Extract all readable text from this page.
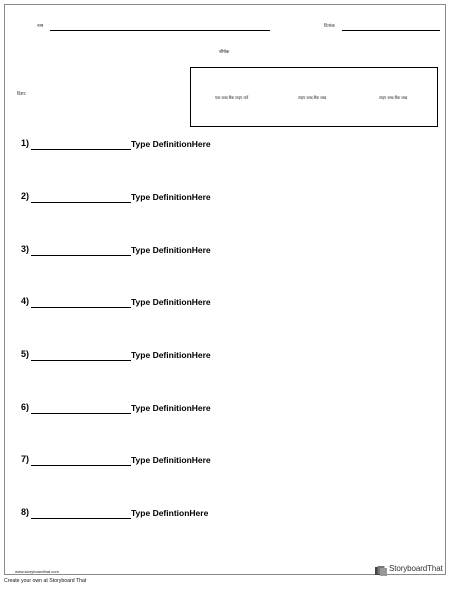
नाम	दिनांक
शीर्षक
दिशा:
एक शब्द बैंक टाइप करें	टाइप शब्द बैंक शब्द	टाइप शब्द बैंक शब्द
1)	Type DefinitionHere
2)	Type DefinitionHere
3)	Type DefinitionHere
4)	Type DefinitionHere
5)	Type DefinitionHere
6)	Type DefinitionHere
7)	Type DefinitionHere
8)	Type DefintionHere
www.storyboardthat.com	StoryboardThat
Create your own at Storyboard That
